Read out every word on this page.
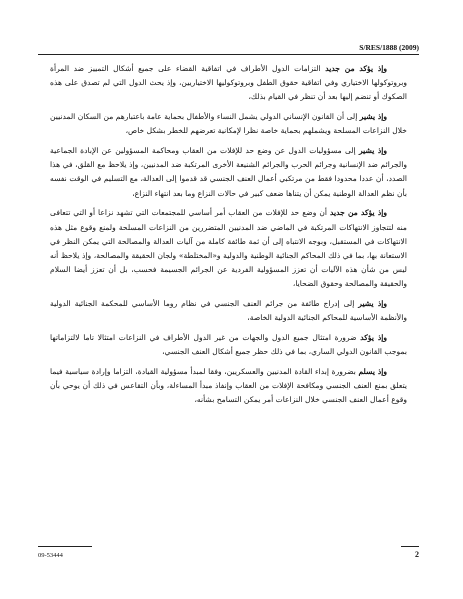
S/RES/1888 (2009)

وإذ يؤكد من جديد التزامات الدول الأطراف في اتفاقية القضاء على جميع أشكال التمييز ضد المرأة وبروتوكولها الاختياري وفي اتفاقية حقوق الطفل وبروتوكوليها الاختياريين، وإذ يحث الدول التي لم تصدق على هذه الصكوك أو تنضم إليها بعد أن تنظر في القيام بذلك،

وإذ يشير إلى أن القانون الإنساني الدولي يشمل النساء والأطفال بحماية عامة باعتبارهم من السكان المدنيين خلال النزاعات المسلحة ويشملهم بحماية خاصة نظرا لإمكانية تعرضهم للخطر بشكل خاص،

وإذ يشير إلى مسؤوليات الدول عن وضع حد للإفلات من العقاب ومحاكمة المسؤولين عن الإبادة الجماعية والجرائم ضد الإنسانية وجرائم الحرب والجرائم الشنيعة الأخرى المرتكبة ضد المدنيين، وإذ يلاحظ مع القلق، في هذا الصدد، أن عددا محدودا فقط من مرتكبي أعمال العنف الجنسي قد قدموا إلى العدالة، مع التسليم في الوقت نفسه بأن نظم العدالة الوطنية يمكن أن يتناها ضعف كبير في حالات النزاع وما بعد انتهاء النزاع،

وإذ يؤكد من جديد أن وضع حد للإفلات من العقاب أمر أساسي للمجتمعات التي تشهد نزاعا أو التي تتعافى منه لتتجاوز الانتهاكات المرتكبة في الماضي ضد المدنيين المتضررين من النزاعات المسلحة ولمنع وقوع مثل هذه الانتهاكات في المستقبل، وبوجه الانتباه إلى أن ثمة طائفة كاملة من آليات العدالة والمصالحة التي يمكن النظر في الاستعانة بها، بما في ذلك المحاكم الجنائية الوطنية والدولية و«المختلطة» ولجان الحقيقة والمصالحة، وإذ يلاحظ أنه ليس من شأن هذه الآليات أن تعزز المسؤولية الفردية عن الجرائم الجسيمة فحسب، بل أن تعزز أيضا السلام والحقيقة والمصالحة وحقوق الضحايا،

وإذ يشير إلى إدراج طائفة من جرائم العنف الجنسي في نظام روما الأساسي للمحكمة الجنائية الدولية والأنظمة الأساسية للمحاكم الجنائية الدولية الخاصة،

وإذ يؤكد ضرورة امتثال جميع الدول والجهات من غير الدول الأطراف في النزاعات امتثالا تاما لالتزاماتها بموجب القانون الدولي الساري، بما في ذلك حظر جميع أشكال العنف الجنسي،

وإذ يسلم بضرورة إبداء القادة المدنيين والعسكريين، وفقا لمبدأ مسؤولية القيادة، التزاما وإرادة سياسية فيما يتعلق بمنع العنف الجنسي ومكافحة الإفلات من العقاب وإنفاذ مبدأ المساءلة، وبأن التقاعس في ذلك أن يوحي بأن وقوع أعمال العنف الجنسي خلال النزاعات أمر يمكن التسامح بشأنه،

09-53444	2
